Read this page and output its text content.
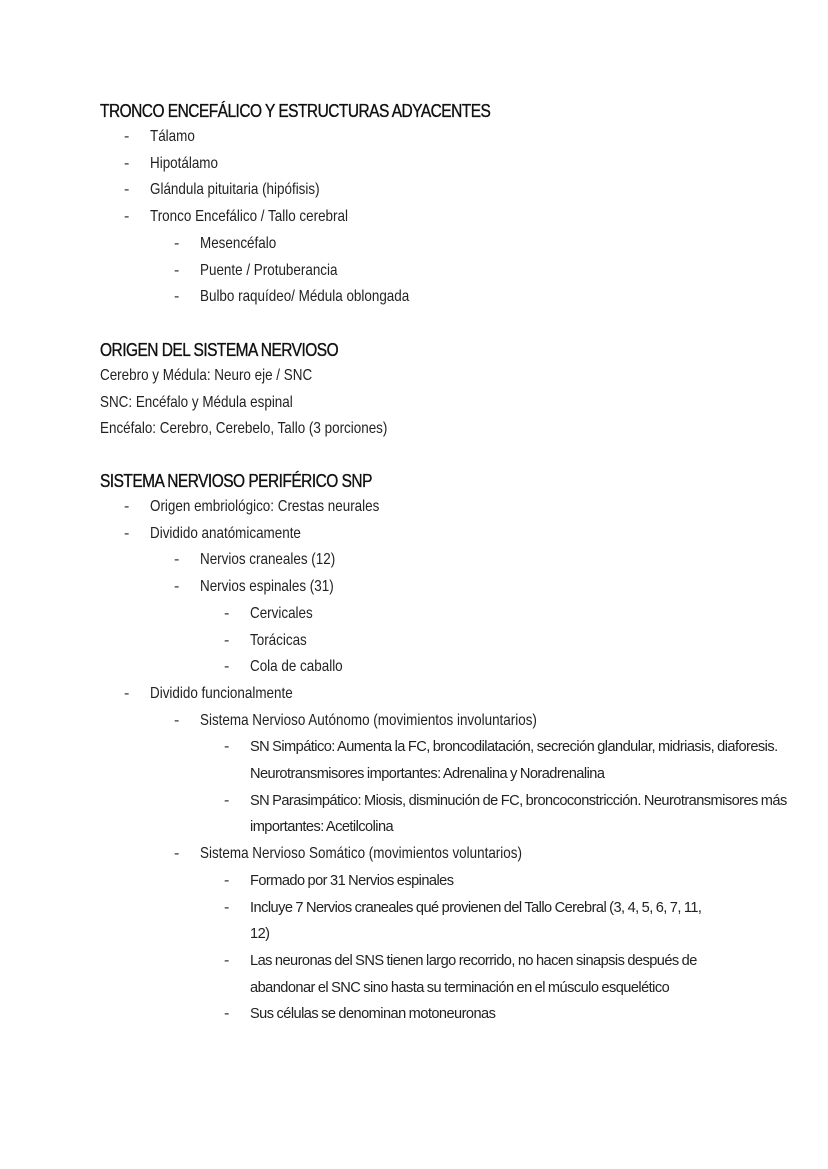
TRONCO ENCEFÁLICO Y ESTRUCTURAS ADYACENTES
- Tálamo
- Hipotálamo
- Glándula pituitaria (hipófisis)
- Tronco Encefálico / Tallo cerebral
- Mesencéfalo
- Puente / Protuberancia
- Bulbo raquídeo/ Médula oblongada
ORIGEN DEL SISTEMA NERVIOSO
Cerebro y Médula: Neuro eje / SNC
SNC: Encéfalo y Médula espinal
Encéfalo: Cerebro, Cerebelo, Tallo (3 porciones)
SISTEMA NERVIOSO PERIFÉRICO SNP
- Origen embriológico: Crestas neurales
- Dividido anatómicamente
- Nervios craneales (12)
- Nervios espinales (31)
- Cervicales
- Torácicas
- Cola de caballo
- Dividido funcionalmente
- Sistema Nervioso Autónomo (movimientos involuntarios)
-	SN Simpático: Aumenta la FC, broncodilatación, secreción glandular, midriasis, diaforesis. Neurotransmisores importantes: Adrenalina y Noradrenalina
-	SN Parasimpático: Miosis, disminución de FC, broncoconstricción. Neurotransmisores más importantes: Acetilcolina
- Sistema Nervioso Somático (movimientos voluntarios)
-	Formado por 31 Nervios espinales
-	Incluye 7 Nervios craneales qué provienen del Tallo Cerebral (3, 4, 5, 6, 7, 11, 12)
-	Las neuronas del SNS tienen largo recorrido, no hacen sinapsis después de abandonar el SNC sino hasta su terminación en el músculo esquelético
-	Sus células se denominan motoneuronas
